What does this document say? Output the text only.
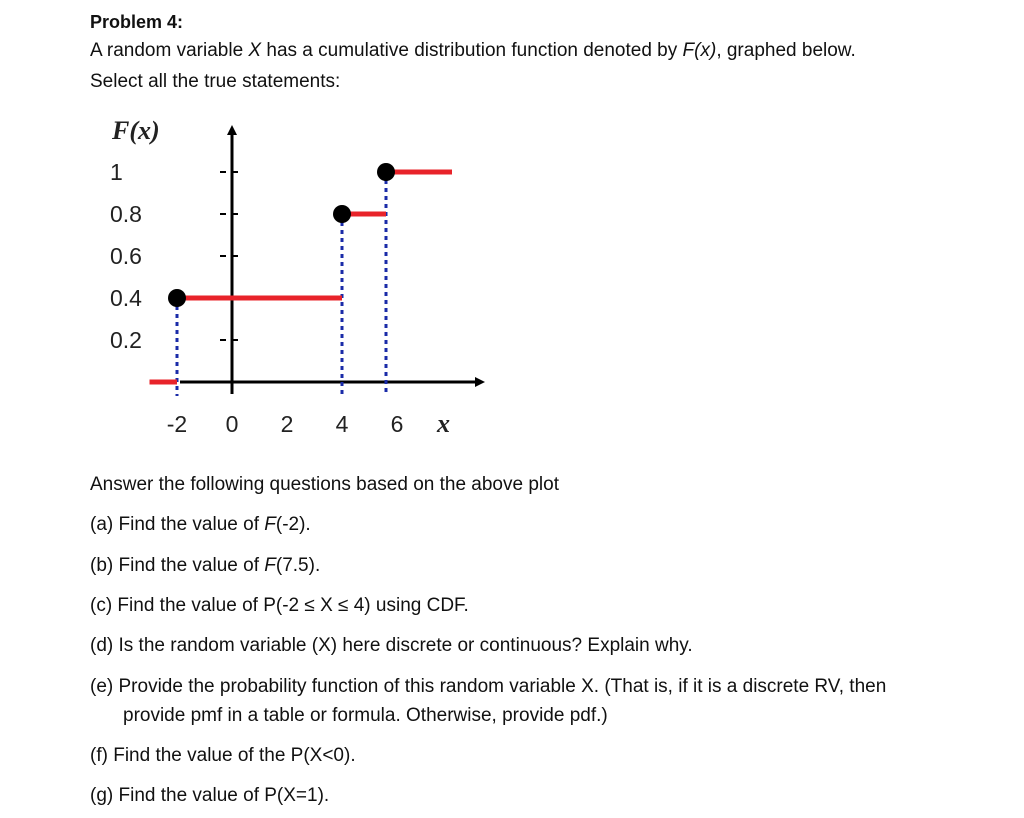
Problem 4:
A random variable X has a cumulative distribution function denoted by F(x), graphed below.
Select all the true statements:
F(x)
x
1
0.8
0.6
0.4
0.2
-2 0 2 4 6
Answer the following questions based on the above plot
(a) Find the value of F(-2).
(b) Find the value of F(7.5).
(c) Find the value of P(-2 ≤ X ≤ 4) using CDF.
(d) Is the random variable (X) here discrete or continuous? Explain why.
(e) Provide the probability function of this random variable X. (That is, if it is a discrete RV, then
provide pmf in a table or formula. Otherwise, provide pdf.)
(f) Find the value of the P(X<0).
(g) Find the value of P(X=1).
